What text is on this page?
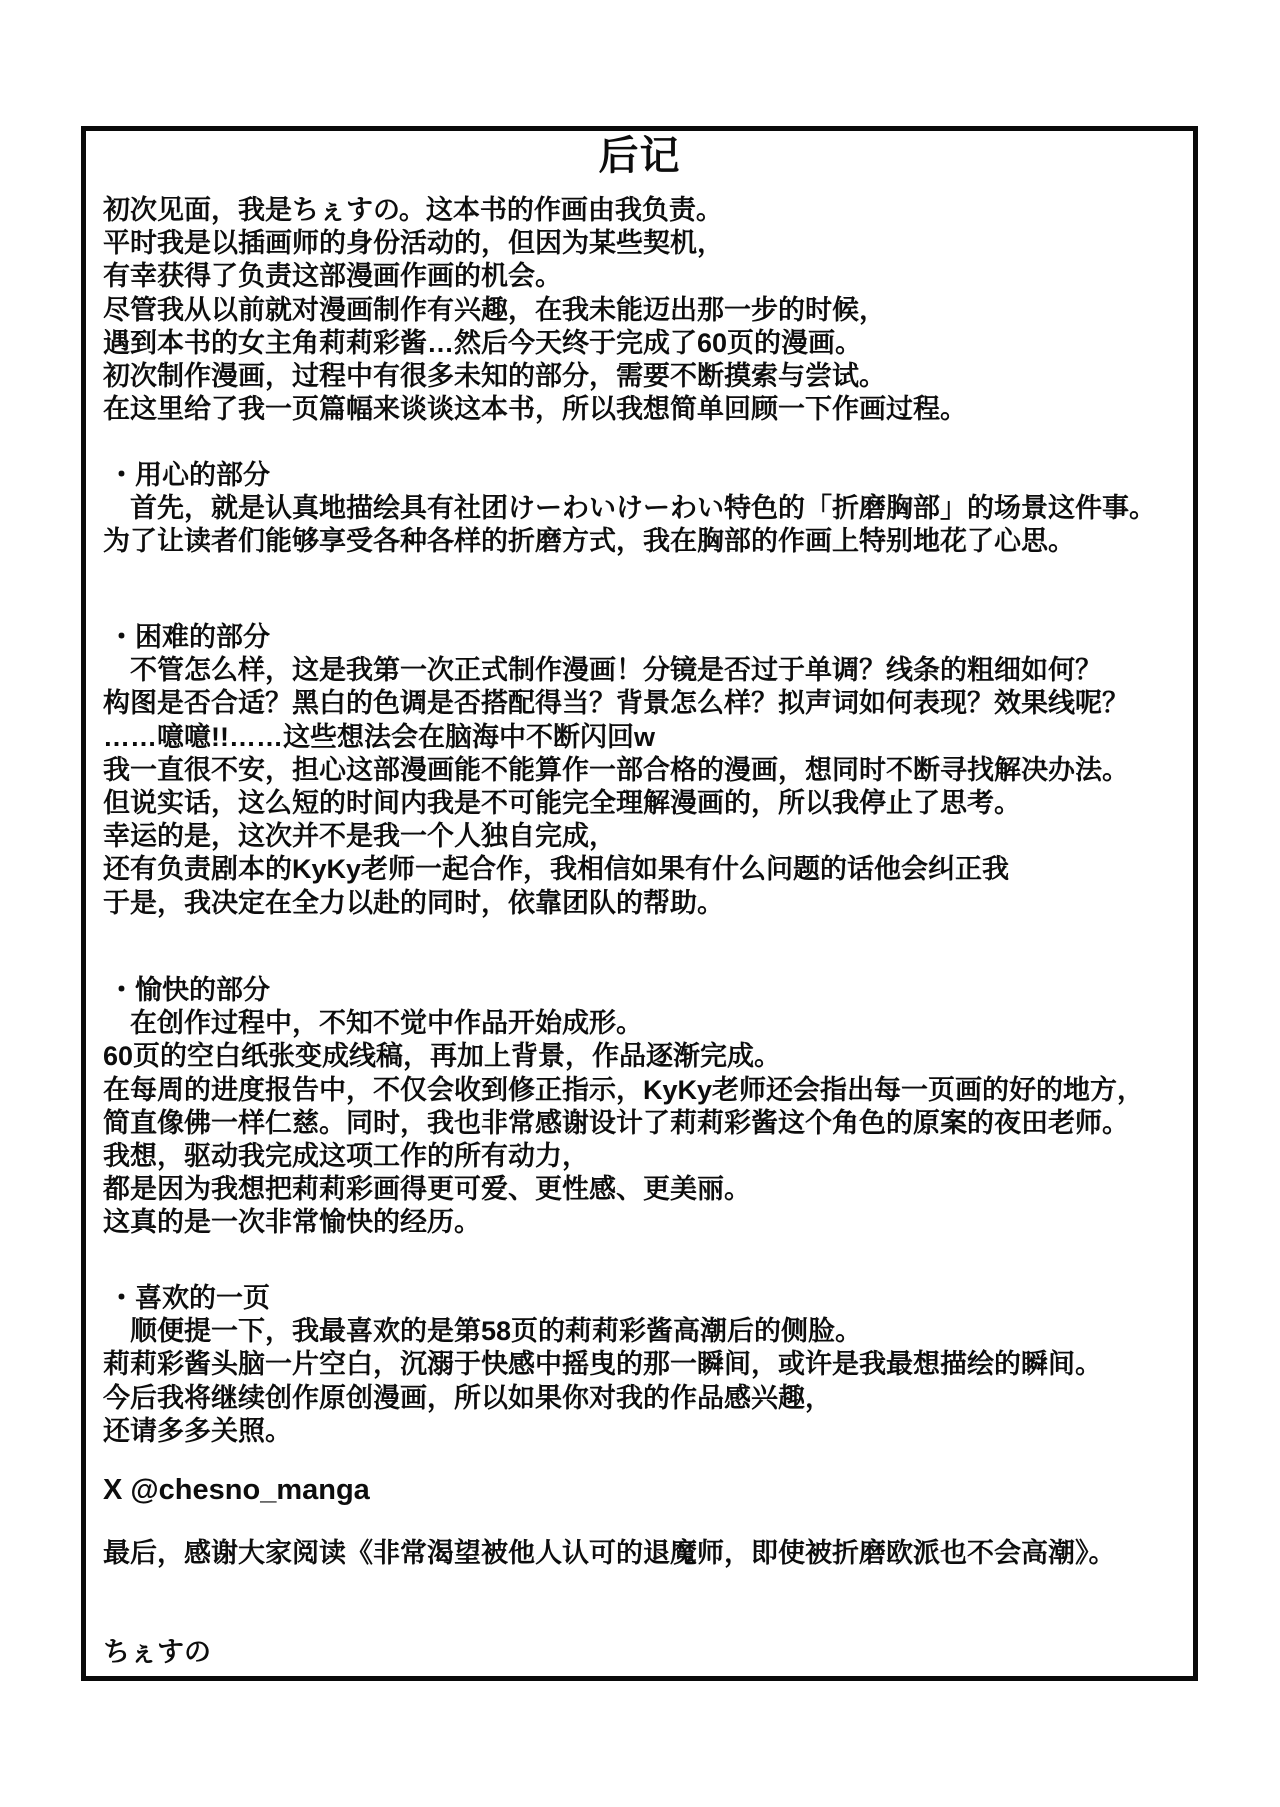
后记
初次见面，我是ちぇすの。这本书的作画由我负责。
平时我是以插画师的身份活动的，但因为某些契机，
有幸获得了负责这部漫画作画的机会。
尽管我从以前就对漫画制作有兴趣，在我未能迈出那一步的时候，
遇到本书的女主角莉莉彩酱…然后今天终于完成了60页的漫画。
初次制作漫画，过程中有很多未知的部分，需要不断摸索与尝试。
在这里给了我一页篇幅来谈谈这本书，所以我想简单回顾一下作画过程。
・用心的部分
　首先，就是认真地描绘具有社团けーわいけーわい特色的「折磨胸部」的场景这件事。
为了让读者们能够享受各种各样的折磨方式，我在胸部的作画上特别地花了心思。
・困难的部分
　不管怎么样，这是我第一次正式制作漫画！分镜是否过于单调？线条的粗细如何？
构图是否合适？黑白的色调是否搭配得当？背景怎么样？拟声词如何表现？效果线呢？
……噫噫!!……这些想法会在脑海中不断闪回w
我一直很不安，担心这部漫画能不能算作一部合格的漫画，想同时不断寻找解决办法。
但说实话，这么短的时间内我是不可能完全理解漫画的，所以我停止了思考。
幸运的是，这次并不是我一个人独自完成，
还有负责剧本的KyKy老师一起合作，我相信如果有什么问题的话他会纠正我
于是，我决定在全力以赴的同时，依靠团队的帮助。
・愉快的部分
　在创作过程中，不知不觉中作品开始成形。
60页的空白纸张变成线稿，再加上背景，作品逐渐完成。
在每周的进度报告中，不仅会收到修正指示，KyKy老师还会指出每一页画的好的地方，
简直像佛一样仁慈。同时，我也非常感谢设计了莉莉彩酱这个角色的原案的夜田老师。
我想，驱动我完成这项工作的所有动力，
都是因为我想把莉莉彩画得更可爱、更性感、更美丽。
这真的是一次非常愉快的经历。
・喜欢的一页
　顺便提一下，我最喜欢的是第58页的莉莉彩酱高潮后的侧脸。
莉莉彩酱头脑一片空白，沉溺于快感中摇曳的那一瞬间，或许是我最想描绘的瞬间。
今后我将继续创作原创漫画，所以如果你对我的作品感兴趣，
还请多多关照。
X @chesno_manga
最后，感谢大家阅读《非常渴望被他人认可的退魔师，即使被折磨欧派也不会高潮》。
ちぇすの
